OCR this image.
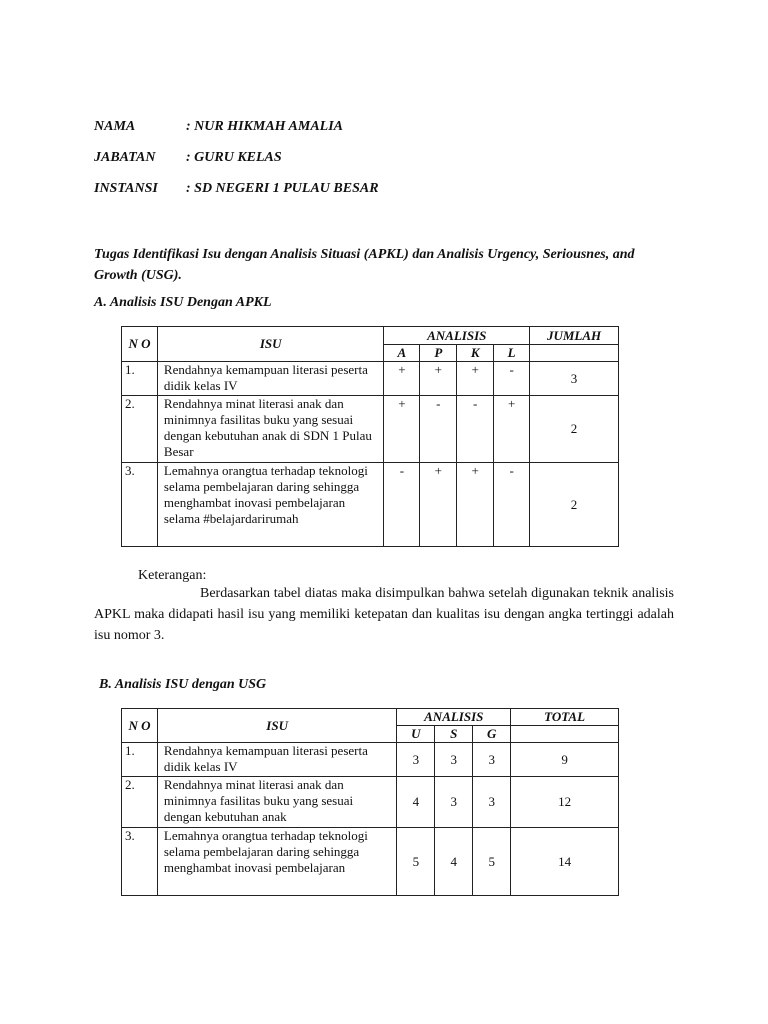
NAMA	: NUR HIKMAH AMALIA
JABATAN : GURU KELAS
INSTANSI : SD NEGERI 1 PULAU BESAR
Tugas Identifikasi Isu dengan Analisis Situasi (APKL) dan Analisis Urgency, Seriousnes, and Growth (USG).
A. Analisis ISU Dengan APKL
N O	ISU	ANALISIS				JUMLAH
		A	P	K	L	
1.	Rendahnya kemampuan literasi peserta didik kelas IV	+	+	+	-	3
2.	Rendahnya minat literasi anak dan minimnya fasilitas buku yang sesuai dengan kebutuhan anak di SDN 1 Pulau Besar	+	-	-	+	2
3.	Lemahnya orangtua terhadap teknologi selama pembelajaran daring sehingga menghambat inovasi pembelajaran selama #belajardarirumah	-	+	+	-	2
Keterangan:
Berdasarkan tabel diatas maka disimpulkan bahwa setelah digunakan teknik analisis APKL maka didapati hasil isu yang memiliki ketepatan dan kualitas isu dengan angka tertinggi adalah isu nomor 3.
B. Analisis ISU dengan USG
N O	ISU	ANALISIS			TOTAL
		U	S	G	
1.	Rendahnya kemampuan literasi peserta didik kelas IV	3	3	3	9
2.	Rendahnya minat literasi anak dan minimnya fasilitas buku yang sesuai dengan kebutuhan anak	4	3	3	12
3.	Lemahnya orangtua terhadap teknologi selama pembelajaran daring sehingga menghambat inovasi pembelajaran	5	4	5	14
